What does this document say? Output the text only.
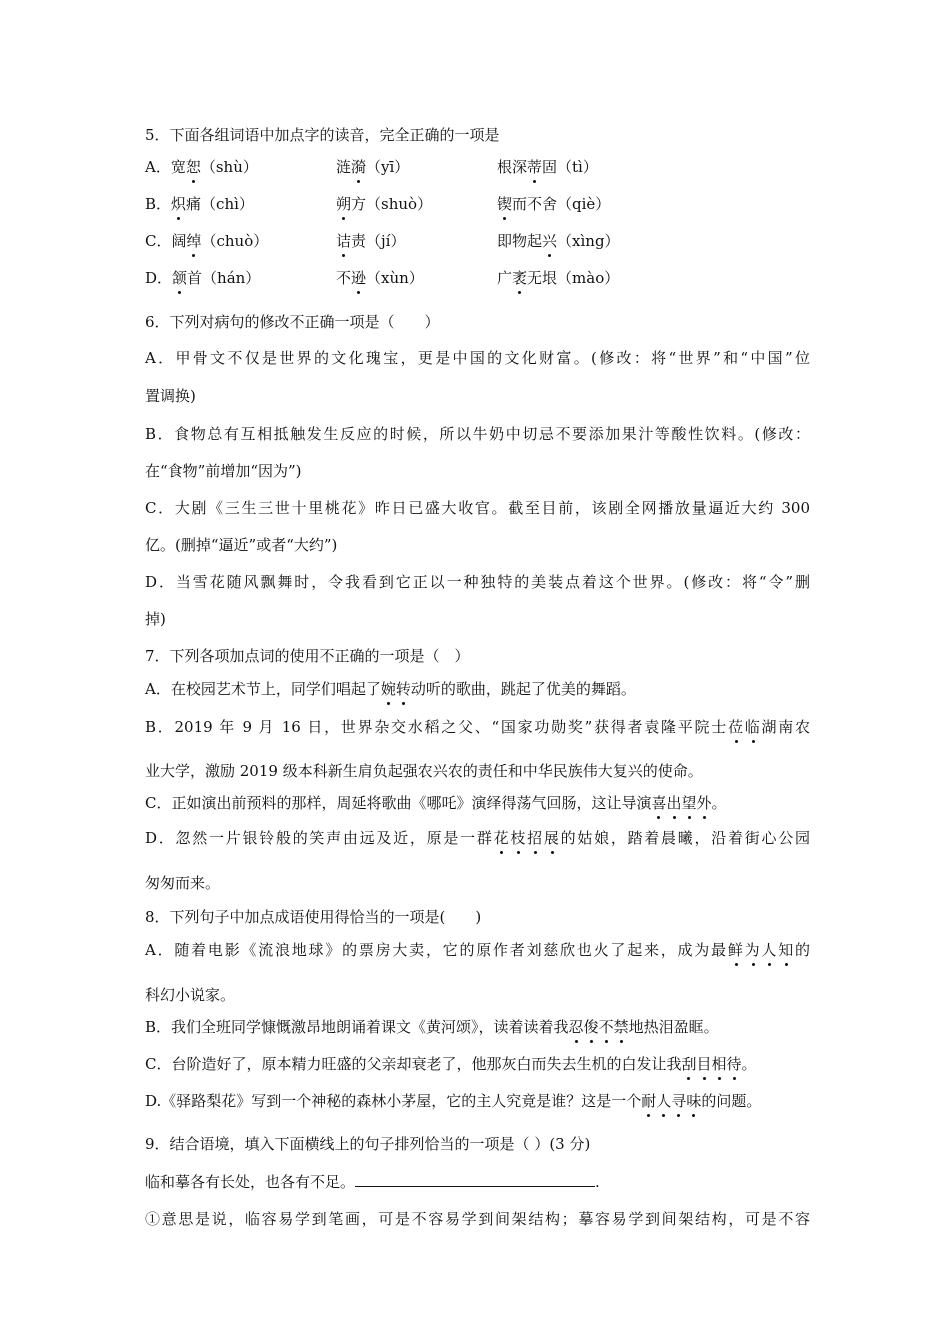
5．下面各组词语中加点字的读音，完全正确的一项是
A．宽恕（shù）	涟漪（yī）	根深蒂固（tì）
B．炽痛（chì）	朔方（shuò）	锲而不舍（qiè）
C．阔绰（chuò）	诘责（jí）	即物起兴（xìng）
D．颔首（hán）	不逊（xùn）	广袤无垠（mào）
6．下列对病句的修改不正确一项是（　　）
A．甲骨文不仅是世界的文化瑰宝，更是中国的文化财富。(修改：将“世界”和“中国”位
置调换)
B．食物总有互相抵触发生反应的时候，所以牛奶中切忌不要添加果汁等酸性饮料。(修改：
在“食物”前增加“因为”)
C．大剧《三生三世十里桃花》昨日已盛大收官。截至目前，该剧全网播放量逼近大约 300
亿。(删掉“逼近”或者“大约”)
D．当雪花随风飘舞时，令我看到它正以一种独特的美装点着这个世界。(修改：将“令”删
掉)
7．下列各项加点词的使用不正确的一项是（　）
A．在校园艺术节上，同学们唱起了婉转动听的歌曲，跳起了优美的舞蹈。
B．2019 年 9 月 16 日，世界杂交水稻之父、“国家功勋奖”获得者袁隆平院士莅临湖南农
业大学，激励 2019 级本科新生肩负起强农兴农的责任和中华民族伟大复兴的使命。
C．正如演出前预料的那样，周延将歌曲《哪吒》演绎得荡气回肠，这让导演喜出望外。
D．忽然一片银铃般的笑声由远及近，原是一群花枝招展的姑娘，踏着晨曦，沿着街心公园
匆匆而来。
8．下列句子中加点成语使用得恰当的一项是(　　)
A．随着电影《流浪地球》的票房大卖，它的原作者刘慈欣也火了起来，成为最鲜为人知的
科幻小说家。
B．我们全班同学慷慨激昂地朗诵着课文《黄河颂》，读着读着我忍俊不禁地热泪盈眶。
C．台阶造好了，原本精力旺盛的父亲却衰老了，他那灰白而失去生机的白发让我刮目相待。
D.《驿路梨花》写到一个神秘的森林小茅屋，它的主人究竟是谁？这是一个耐人寻味的问题。
9．结合语境，填入下面横线上的句子排列恰当的一项是（ ）(3 分)
临和摹各有长处，也各有不足。	.
①意思是说，临容易学到笔画，可是不容易学到间架结构；摹容易学到间架结构，可是不容
